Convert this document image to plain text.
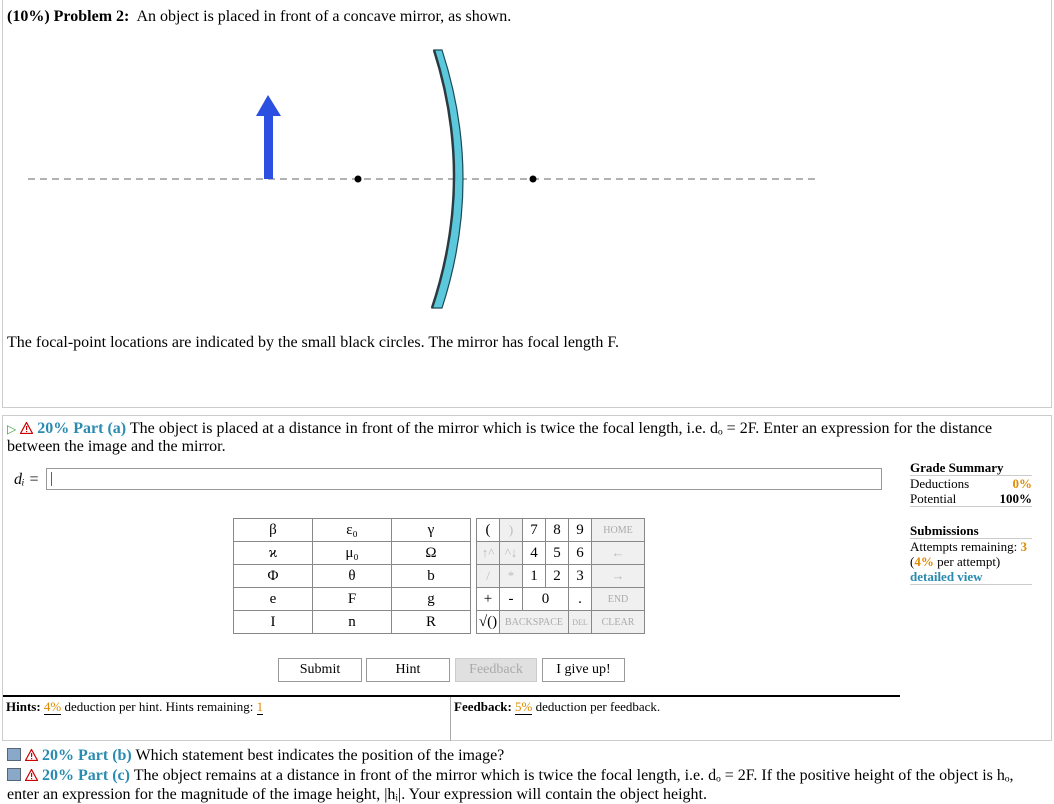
(10%) Problem 2: An object is placed in front of a concave mirror, as shown.
The focal-point locations are indicated by the small black circles. The mirror has focal length F.
▷ 20% Part (a) The object is placed at a distance in front of the mirror which is twice the focal length, i.e. dₒ = 2F. Enter an expression for the distance between the image and the mirror.
dᵢ =
Grade Summary
Deductions	0%
Potential	100%
Submissions
Attempts remaining: 3
(4% per attempt)
detailed view
β	ε₀	γ
ϰ	μ₀	Ω
Φ	θ	b
e	F	g
I	n	R
(	)	7	8	9	HOME
↑^	^↓	4	5	6	←
/	*	1	2	3	→
+	-	0		.	END
√()	BACKSPACE			DEL	CLEAR
Submit	Hint	Feedback	I give up!
Hints: 4% deduction per hint. Hints remaining: 1	Feedback: 5% deduction per feedback.
20% Part (b) Which statement best indicates the position of the image?
20% Part (c) The object remains at a distance in front of the mirror which is twice the focal length, i.e. dₒ = 2F. If the positive height of the object is hₒ, enter an expression for the magnitude of the image height, |hᵢ|. Your expression will contain the object height.
